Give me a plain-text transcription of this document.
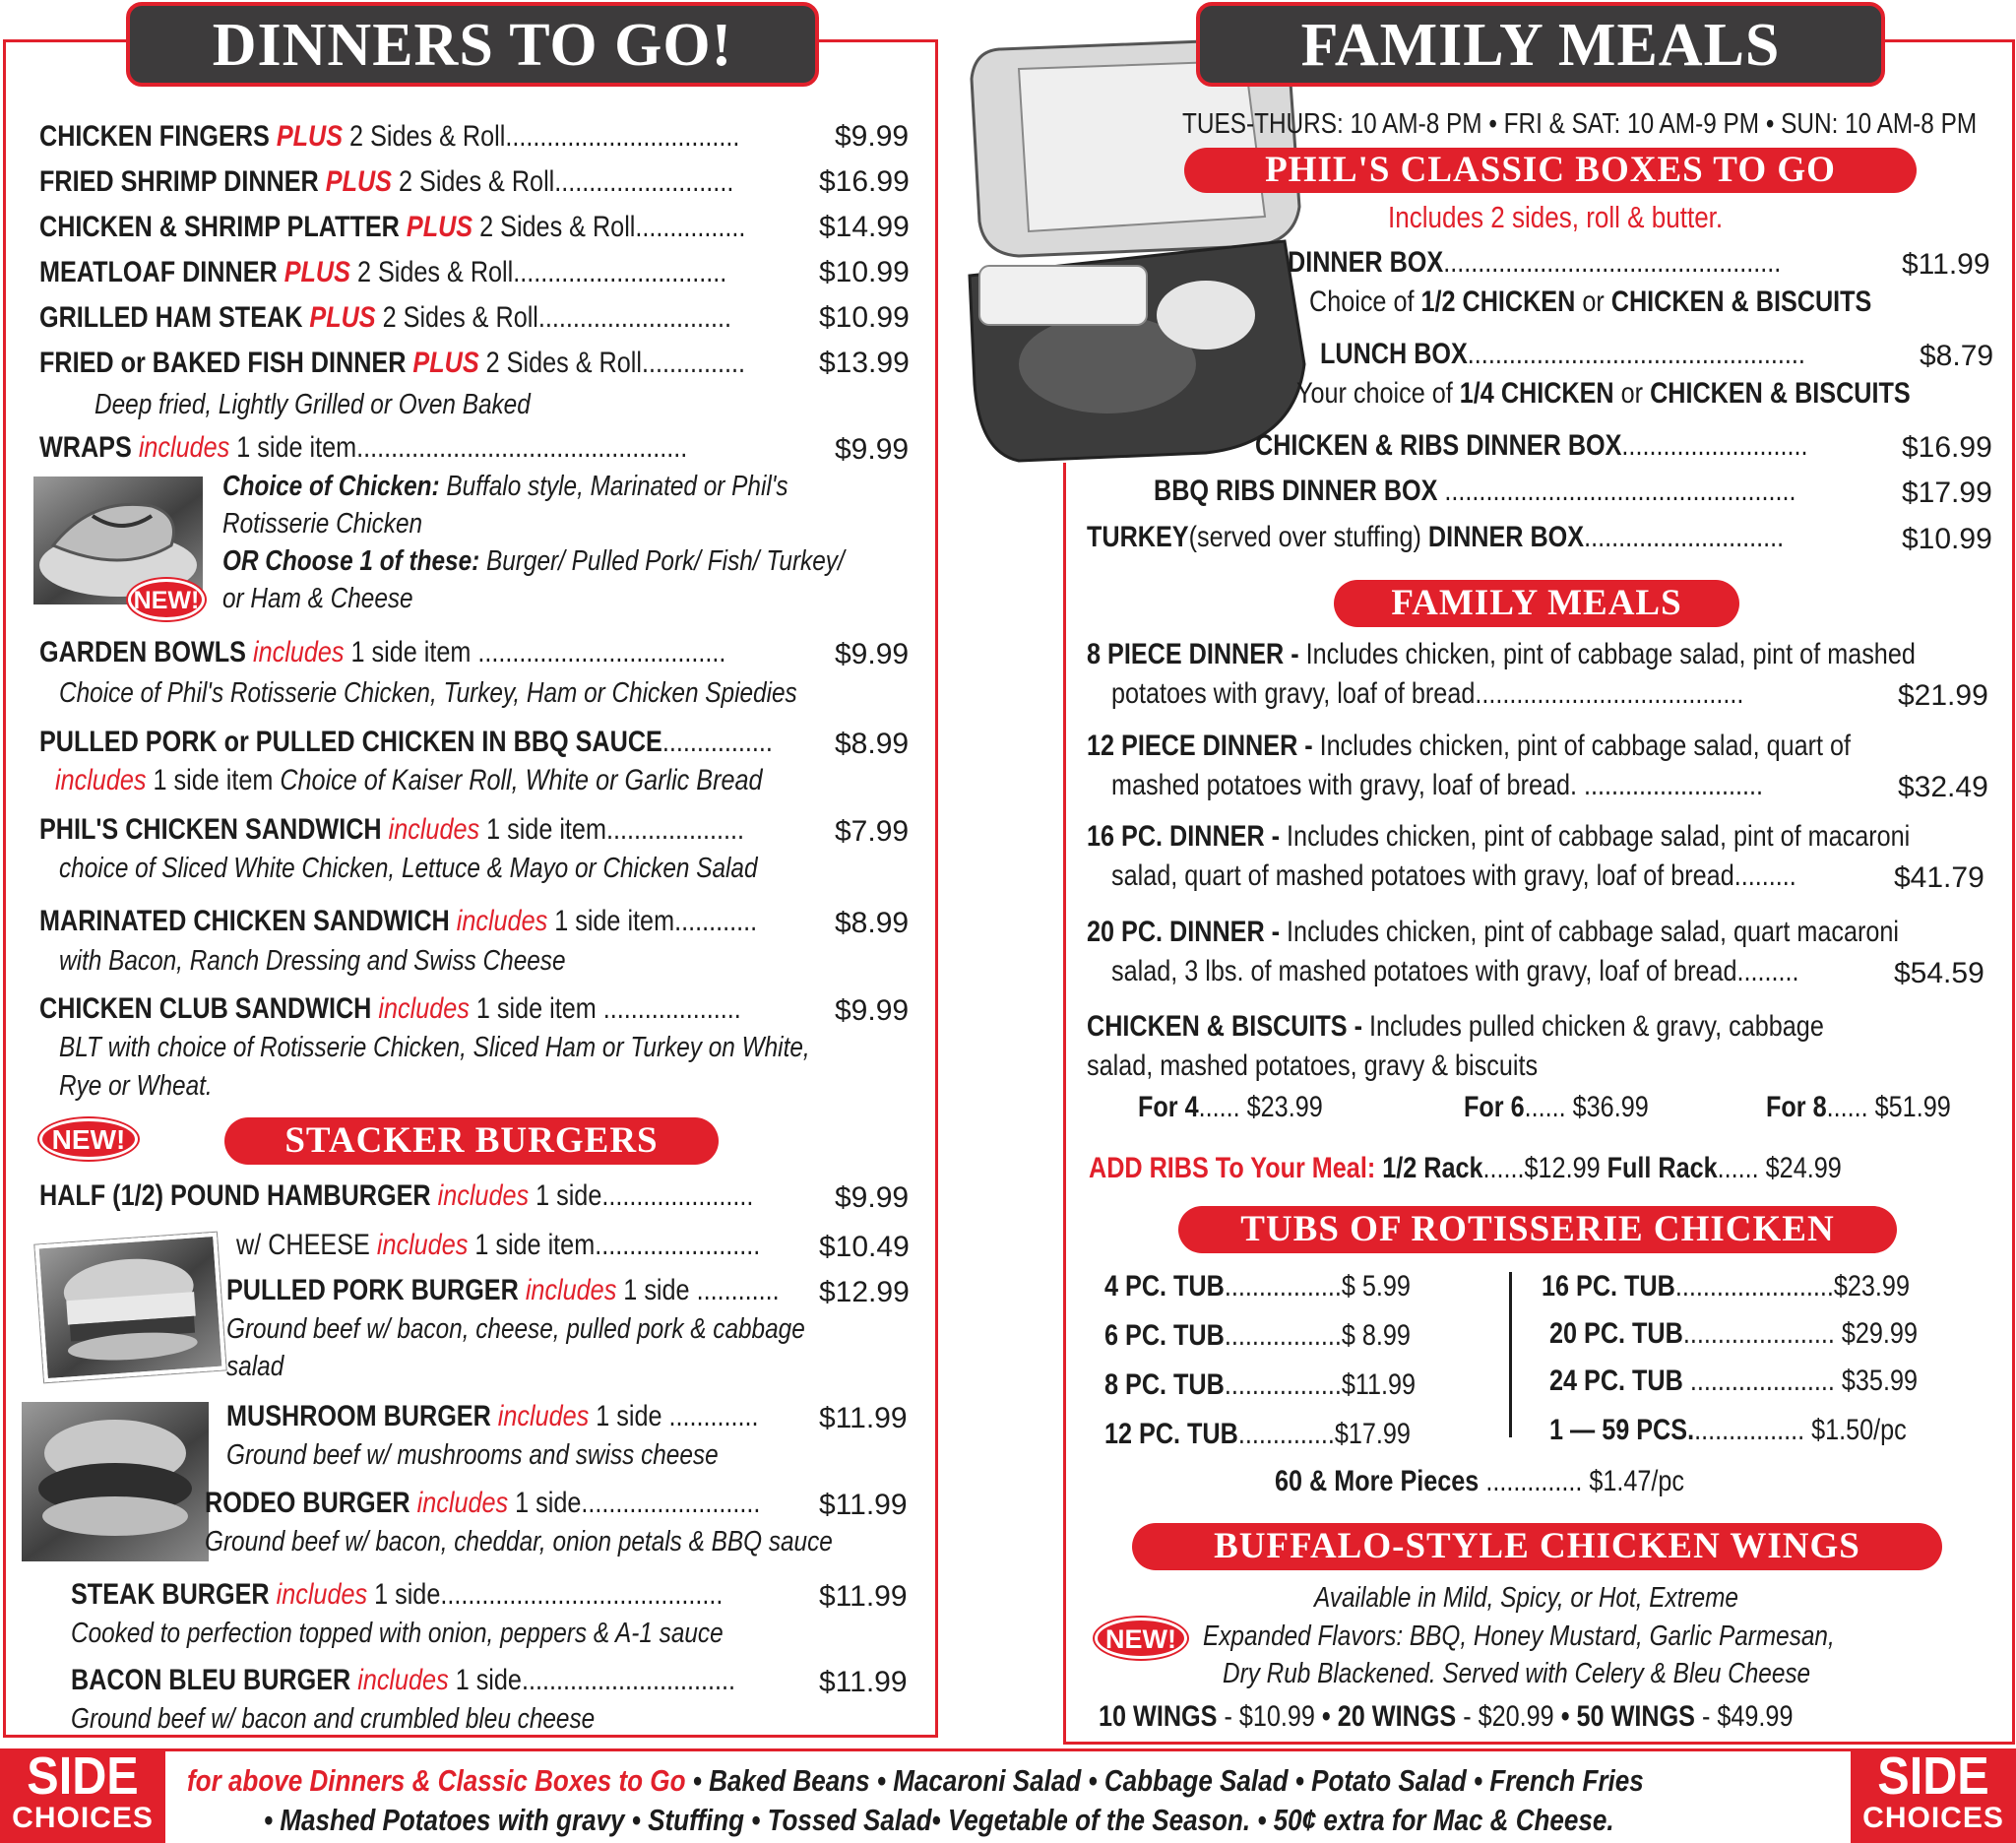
DINNERS TO GO!
CHICKEN FINGERS PLUS 2 Sides & Roll..................................	$9.99
FRIED SHRIMP DINNER PLUS 2 Sides & Roll..........................	$16.99
CHICKEN & SHRIMP PLATTER PLUS 2 Sides & Roll................	$14.99
MEATLOAF DINNER PLUS 2 Sides & Roll...............................	$10.99
GRILLED HAM STEAK PLUS 2 Sides & Roll............................	$10.99
FRIED or BAKED FISH DINNER PLUS 2 Sides & Roll...............	$13.99
Deep fried, Lightly Grilled or Oven Baked
WRAPS includes 1 side item................................................	$9.99
NEW!
Choice of Chicken: Buffalo style, Marinated or Phil's
Rotisserie Chicken
OR Choose 1 of these: Burger/ Pulled Pork/ Fish/ Turkey/
or Ham & Cheese
GARDEN BOWLS includes 1 side item ....................................	$9.99
Choice of Phil's Rotisserie Chicken, Turkey, Ham or Chicken Spiedies
PULLED PORK or PULLED CHICKEN IN BBQ SAUCE................	$8.99
includes 1 side item Choice of Kaiser Roll, White or Garlic Bread
PHIL'S CHICKEN SANDWICH includes 1 side item....................	$7.99
choice of Sliced White Chicken, Lettuce & Mayo or Chicken Salad
MARINATED CHICKEN SANDWICH includes 1 side item............	$8.99
with Bacon, Ranch Dressing and Swiss Cheese
CHICKEN CLUB SANDWICH includes 1 side item ....................	$9.99
BLT with choice of Rotisserie Chicken, Sliced Ham or Turkey on White,
Rye or Wheat.
NEW!	STACKER BURGERS
HALF (1/2) POUND HAMBURGER includes 1 side......................	$9.99
w/ CHEESE includes 1 side item........................	$10.49
PULLED PORK BURGER includes 1 side ............	$12.99
Ground beef w/ bacon, cheese, pulled pork & cabbage
salad
MUSHROOM BURGER includes 1 side .............	$11.99
Ground beef w/ mushrooms and swiss cheese
RODEO BURGER includes 1 side..........................	$11.99
Ground beef w/ bacon, cheddar, onion petals & BBQ sauce
STEAK BURGER includes 1 side.........................................	$11.99
Cooked to perfection topped with onion, peppers & A-1 sauce
BACON BLEU BURGER includes 1 side...............................	$11.99
Ground beef w/ bacon and crumbled bleu cheese
FAMILY MEALS
TUES-THURS: 10 AM-8 PM • FRI & SAT: 10 AM-9 PM • SUN: 10 AM-8 PM
PHIL'S CLASSIC BOXES TO GO
Includes 2 sides, roll & butter.
DINNER BOX.................................................	$11.99
Choice of 1/2 CHICKEN or CHICKEN & BISCUITS
LUNCH BOX.................................................	$8.79
Your choice of 1/4 CHICKEN or CHICKEN & BISCUITS
CHICKEN & RIBS DINNER BOX...........................	$16.99
BBQ RIBS DINNER BOX ...................................................	$17.99
TURKEY(served over stuffing) DINNER BOX.............................	$10.99
FAMILY MEALS
8 PIECE DINNER - Includes chicken, pint of cabbage salad, pint of mashed
potatoes with gravy, loaf of bread.......................................	$21.99
12 PIECE DINNER - Includes chicken, pint of cabbage salad, quart of
mashed potatoes with gravy, loaf of bread. ..........................	$32.49
16 PC. DINNER - Includes chicken, pint of cabbage salad, pint of macaroni
salad, quart of mashed potatoes with gravy, loaf of bread.........	$41.79
20 PC. DINNER - Includes chicken, pint of cabbage salad, quart macaroni
salad, 3 lbs. of mashed potatoes with gravy, loaf of bread.........	$54.59
CHICKEN & BISCUITS - Includes pulled chicken & gravy, cabbage
salad, mashed potatoes, gravy & biscuits
For 4...... $23.99	For 6...... $36.99	For 8...... $51.99
ADD RIBS To Your Meal: 1/2 Rack......$12.99 Full Rack...... $24.99
TUBS OF ROTISSERIE CHICKEN
4 PC. TUB.................$ 5.99
6 PC. TUB.................$ 8.99
8 PC. TUB.................$11.99
12 PC. TUB..............$17.99
16 PC. TUB.......................$23.99
20 PC. TUB...................... $29.99
24 PC. TUB ..................... $35.99
1 — 59 PCS................. $1.50/pc
60 & More Pieces .............. $1.47/pc
BUFFALO-STYLE CHICKEN WINGS
Available in Mild, Spicy, or Hot, Extreme
NEW! Expanded Flavors: BBQ, Honey Mustard, Garlic Parmesan,
Dry Rub Blackened. Served with Celery & Bleu Cheese
10 WINGS - $10.99 • 20 WINGS - $20.99 • 50 WINGS - $49.99
SIDE
CHOICES
SIDE
CHOICES
for above Dinners & Classic Boxes to Go • Baked Beans • Macaroni Salad • Cabbage Salad • Potato Salad • French Fries
• Mashed Potatoes with gravy • Stuffing • Tossed Salad• Vegetable of the Season. • 50¢ extra for Mac & Cheese.
